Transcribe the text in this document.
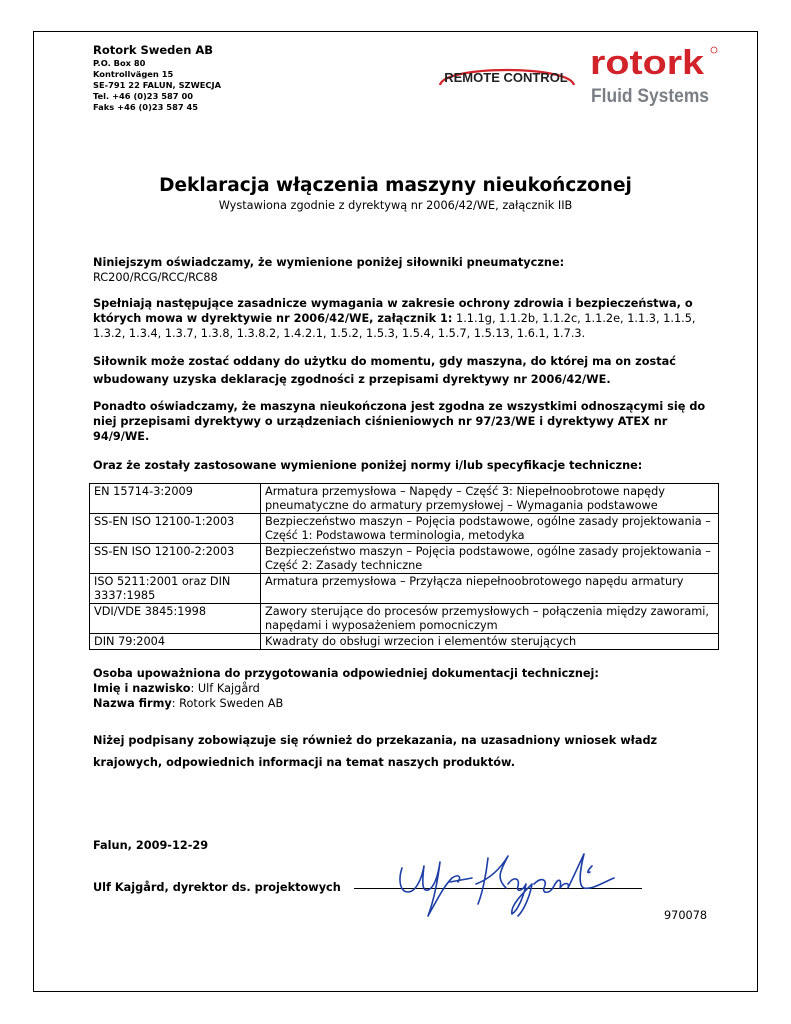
Rotork Sweden AB
P.O. Box 80
Kontrollvägen 15
SE-791 22 FALUN, SZWECJA
Tel. +46 (0)23 587 00
Faks +46 (0)23 587 45
REMOTE CONTROL rotork
Fluid Systems
Deklaracja włączenia maszyny nieukończonej
Wystawiona zgodnie z dyrektywą nr 2006/42/WE, załącznik IIB
Niniejszym oświadczamy, że wymienione poniżej siłowniki pneumatyczne:
RC200/RCG/RCC/RC88
Spełniają następujące zasadnicze wymagania w zakresie ochrony zdrowia i bezpieczeństwa, o których mowa w dyrektywie nr 2006/42/WE, załącznik 1: 1.1.1g, 1.1.2b, 1.1.2c, 1.1.2e, 1.1.3, 1.1.5, 1.3.2, 1.3.4, 1.3.7, 1.3.8, 1.3.8.2, 1.4.2.1, 1.5.2, 1.5.3, 1.5.4, 1.5.7, 1.5.13, 1.6.1, 1.7.3.
Siłownik może zostać oddany do użytku do momentu, gdy maszyna, do której ma on zostać wbudowany uzyska deklarację zgodności z przepisami dyrektywy nr 2006/42/WE.
Ponadto oświadczamy, że maszyna nieukończona jest zgodna ze wszystkimi odnoszącymi się do niej przepisami dyrektywy o urządzeniach ciśnieniowych nr 97/23/WE i dyrektywy ATEX nr 94/9/WE.
Oraz że zostały zastosowane wymienione poniżej normy i/lub specyfikacje techniczne:
EN 15714-3:2009	Armatura przemysłowa – Napędy – Część 3: Niepełnoobrotowe napędy pneumatyczne do armatury przemysłowej – Wymagania podstawowe
SS-EN ISO 12100-1:2003	Bezpieczeństwo maszyn – Pojęcia podstawowe, ogólne zasady projektowania – Część 1: Podstawowa terminologia, metodyka
SS-EN ISO 12100-2:2003	Bezpieczeństwo maszyn – Pojęcia podstawowe, ogólne zasady projektowania – Część 2: Zasady techniczne
ISO 5211:2001 oraz DIN 3337:1985	Armatura przemysłowa – Przyłącza niepełnoobrotowego napędu armatury
VDI/VDE 3845:1998	Zawory sterujące do procesów przemysłowych – połączenia między zaworami, napędami i wyposażeniem pomocniczym
DIN 79:2004	Kwadraty do obsługi wrzecion i elementów sterujących
Osoba upoważniona do przygotowania odpowiedniej dokumentacji technicznej:
Imię i nazwisko: Ulf Kajgård
Nazwa firmy: Rotork Sweden AB
Niżej podpisany zobowiązuje się również do przekazania, na uzasadniony wniosek władz
krajowych, odpowiednich informacji na temat naszych produktów.
Falun, 2009-12-29
Ulf Kajgård, dyrektor ds. projektowych
970078
